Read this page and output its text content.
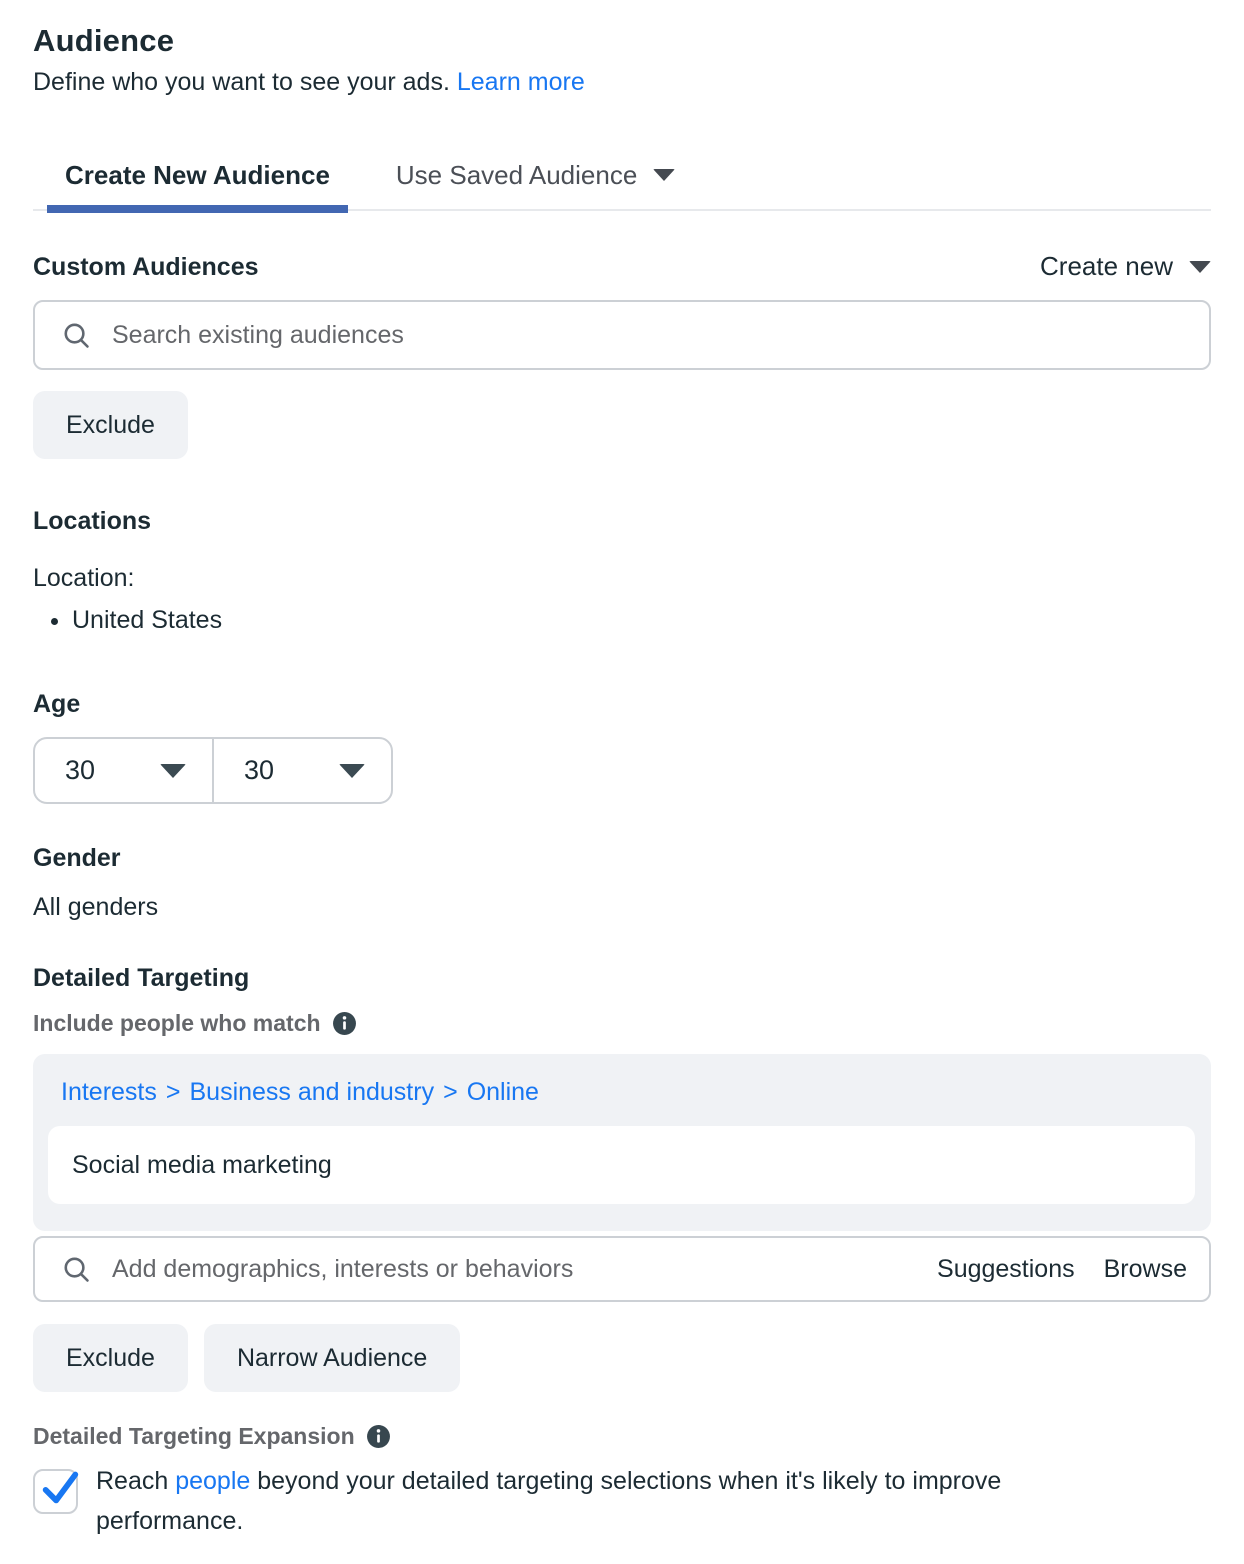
Audience
Define who you want to see your ads. Learn more
Create New Audience	Use Saved Audience
Custom Audiences	Create new
Search existing audiences
Exclude
Locations
Location:
• United States
Age
30	30
Gender
All genders
Detailed Targeting
Include people who match
Interests > Business and industry > Online
Social media marketing
Add demographics, interests or behaviors
Suggestions Browse
Exclude	Narrow Audience
Detailed Targeting Expansion
Reach people beyond your detailed targeting selections when it's likely to improve performance.
